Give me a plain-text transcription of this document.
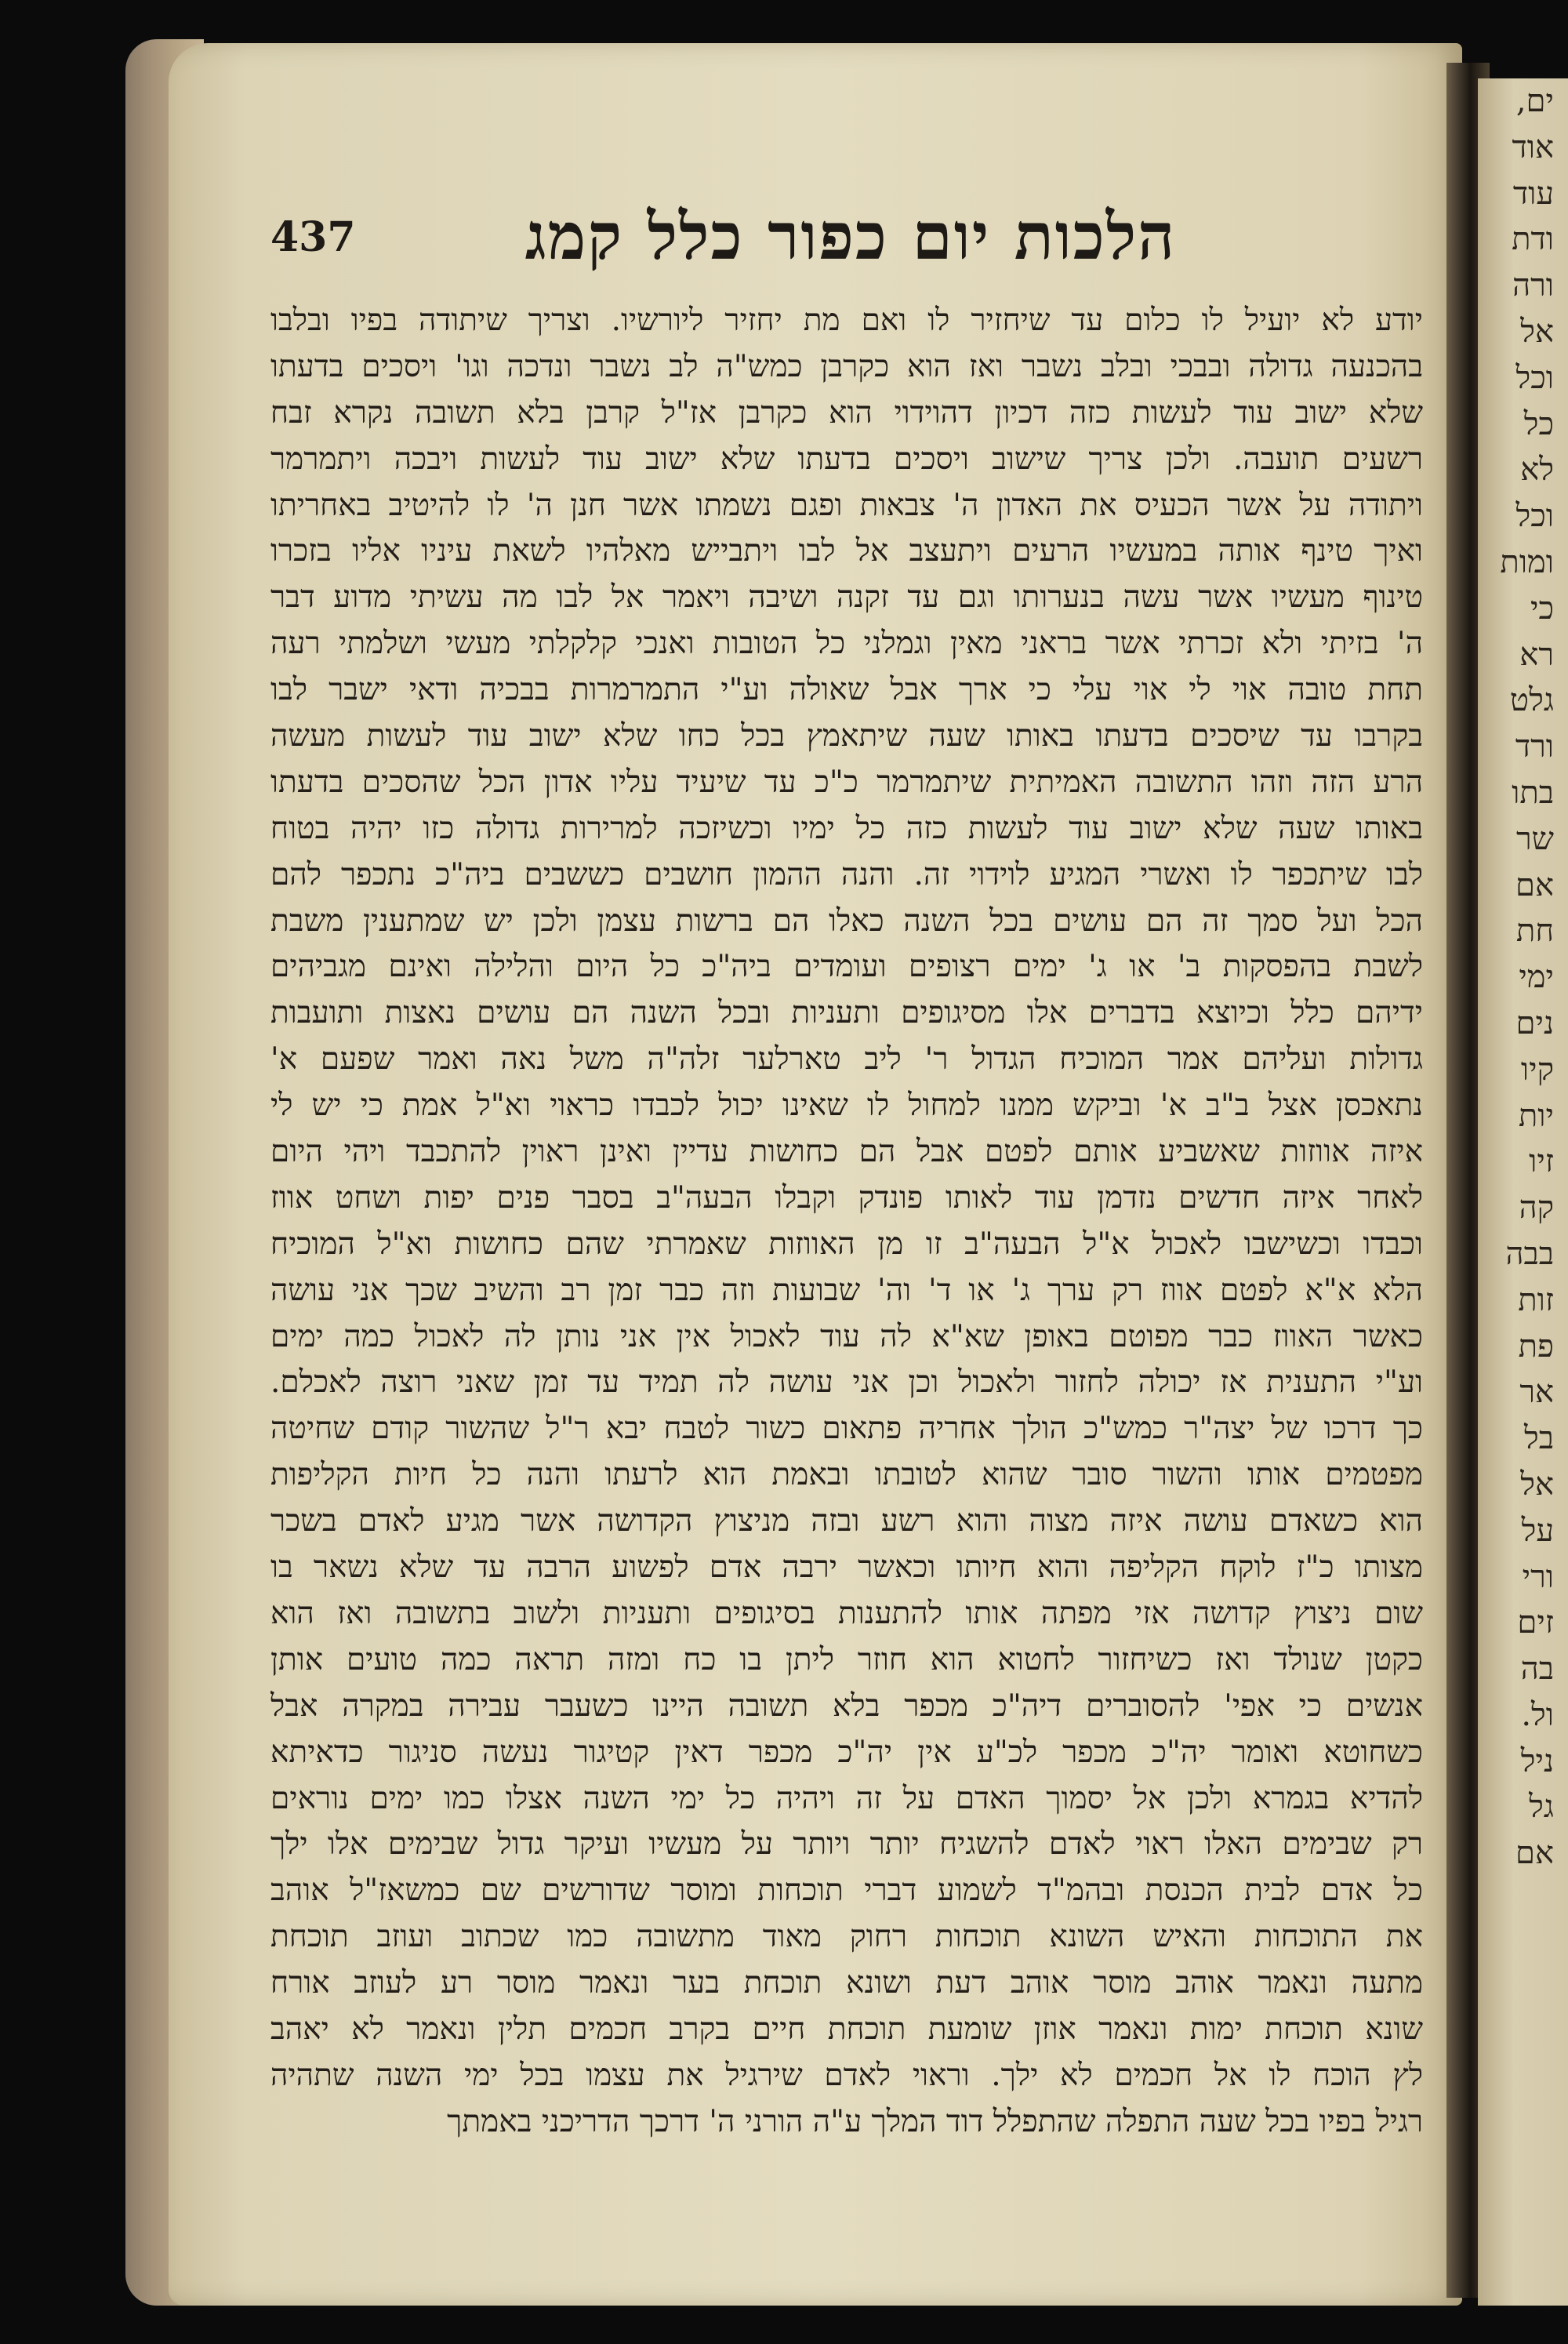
ים,
אוד
עוד
ודת
ורה
אל
וכל
כל
לא
וכל
ומות
כי
רא
גלט
ורד
בתו
שר
אם
חת
ימי
נים
קיו
יות
זיו
קה
בבה
זות
פת
אר
בל
אל
על
ורי
זים
בה
ול.
ניל
גל
אם
הלכות יום כפור כלל קמג
437
יודע לא יועיל לו כלום עד שיחזיר לו ואם מת יחזיר ליורשיו. וצריך שיתודה בפיו ובלבו
בהכנעה גדולה ובבכי ובלב נשבר ואז הוא כקרבן כמש"ה לב נשבר ונדכה וגו' ויסכים בדעתו
שלא ישוב עוד לעשות כזה דכיון דהוידוי הוא כקרבן אז"ל קרבן בלא תשובה נקרא זבח
רשעים תועבה. ולכן צריך שישוב ויסכים בדעתו שלא ישוב עוד לעשות ויבכה ויתמרמר
ויתודה על אשר הכעיס את האדון ה' צבאות ופגם נשמתו אשר חנן ה' לו להיטיב באחריתו
ואיך טינף אותה במעשיו הרעים ויתעצב אל לבו ויתבייש מאלהיו לשאת עיניו אליו בזכרו
טינוף מעשיו אשר עשה בנערותו וגם עד זקנה ושיבה ויאמר אל לבו מה עשיתי מדוע דבר
ה' בזיתי ולא זכרתי אשר בראני מאין וגמלני כל הטובות ואנכי קלקלתי מעשי ושלמתי רעה
תחת טובה אוי לי אוי עלי כי ארך אבל שאולה וע"י התמרמרות בבכיה ודאי ישבר לבו
בקרבו עד שיסכים בדעתו באותו שעה שיתאמץ בכל כחו שלא ישוב עוד לעשות מעשה
הרע הזה וזהו התשובה האמיתית שיתמרמר כ"כ עד שיעיד עליו אדון הכל שהסכים בדעתו
באותו שעה שלא ישוב עוד לעשות כזה כל ימיו וכשיזכה למרירות גדולה כזו יהיה בטוח
לבו שיתכפר לו ואשרי המגיע לוידוי זה. והנה ההמון חושבים כששבים ביה"כ נתכפר להם
הכל ועל סמך זה הם עושים בכל השנה כאלו הם ברשות עצמן ולכן יש שמתענין משבת
לשבת בהפסקות ב' או ג' ימים רצופים ועומדים ביה"כ כל היום והלילה ואינם מגביהים
ידיהם כלל וכיוצא בדברים אלו מסיגופים ותעניות ובכל השנה הם עושים נאצות ותועבות
גדולות ועליהם אמר המוכיח הגדול ר' ליב טארלער זלה"ה משל נאה ואמר שפעם א'
נתאכסן אצל ב"ב א' וביקש ממנו למחול לו שאינו יכול לכבדו כראוי וא"ל אמת כי יש לי
איזה אווזות שאשביע אותם לפטם אבל הם כחושות עדיין ואינן ראוין להתכבד ויהי היום
לאחר איזה חדשים נזדמן עוד לאותו פונדק וקבלו הבעה"ב בסבר פנים יפות ושחט אווז
וכבדו וכשישבו לאכול א"ל הבעה"ב זו מן האווזות שאמרתי שהם כחושות וא"ל המוכיח
הלא א"א לפטם אווז רק ערך ג' או ד' וה' שבועות וזה כבר זמן רב והשיב שכך אני עושה
כאשר האווז כבר מפוטם באופן שא"א לה עוד לאכול אין אני נותן לה לאכול כמה ימים
וע"י התענית אז יכולה לחזור ולאכול וכן אני עושה לה תמיד עד זמן שאני רוצה לאכלם.
כך דרכו של יצה"ר כמש"כ הולך אחריה פתאום כשור לטבח יבא ר"ל שהשור קודם שחיטה
מפטמים אותו והשור סובר שהוא לטובתו ובאמת הוא לרעתו והנה כל חיות הקליפות
הוא כשאדם עושה איזה מצוה והוא רשע ובזה מניצוץ הקדושה אשר מגיע לאדם בשכר
מצותו כ"ז לוקח הקליפה והוא חיותו וכאשר ירבה אדם לפשוע הרבה עד שלא נשאר בו
שום ניצוץ קדושה אזי מפתה אותו להתענות בסיגופים ותעניות ולשוב בתשובה ואז הוא
כקטן שנולד ואז כשיחזור לחטוא הוא חוזר ליתן בו כח ומזה תראה כמה טועים אותן
אנשים כי אפי' להסוברים דיה"כ מכפר בלא תשובה היינו כשעבר עבירה במקרה אבל
כשחוטא ואומר יה"כ מכפר לכ"ע אין יה"כ מכפר דאין קטיגור נעשה סניגור כדאיתא
להדיא בגמרא ולכן אל יסמוך האדם על זה ויהיה כל ימי השנה אצלו כמו ימים נוראים
רק שבימים האלו ראוי לאדם להשגיח יותר ויותר על מעשיו ועיקר גדול שבימים אלו ילך
כל אדם לבית הכנסת ובהמ"ד לשמוע דברי תוכחות ומוסר שדורשים שם כמשאז"ל אוהב
את התוכחות והאיש השונא תוכחות רחוק מאוד מתשובה כמו שכתוב ועוזב תוכחת
מתעה ונאמר אוהב מוסר אוהב דעת ושונא תוכחת בער ונאמר מוסר רע לעוזב אורח
שונא תוכחת ימות ונאמר אוזן שומעת תוכחת חיים בקרב חכמים תלין ונאמר לא יאהב
לץ הוכח לו אל חכמים לא ילך. וראוי לאדם שירגיל את עצמו בכל ימי השנה שתהיה
רגיל בפיו בכל שעה התפלה שהתפלל דוד המלך ע"ה הורני ה' דרכך הדריכני באמתך
